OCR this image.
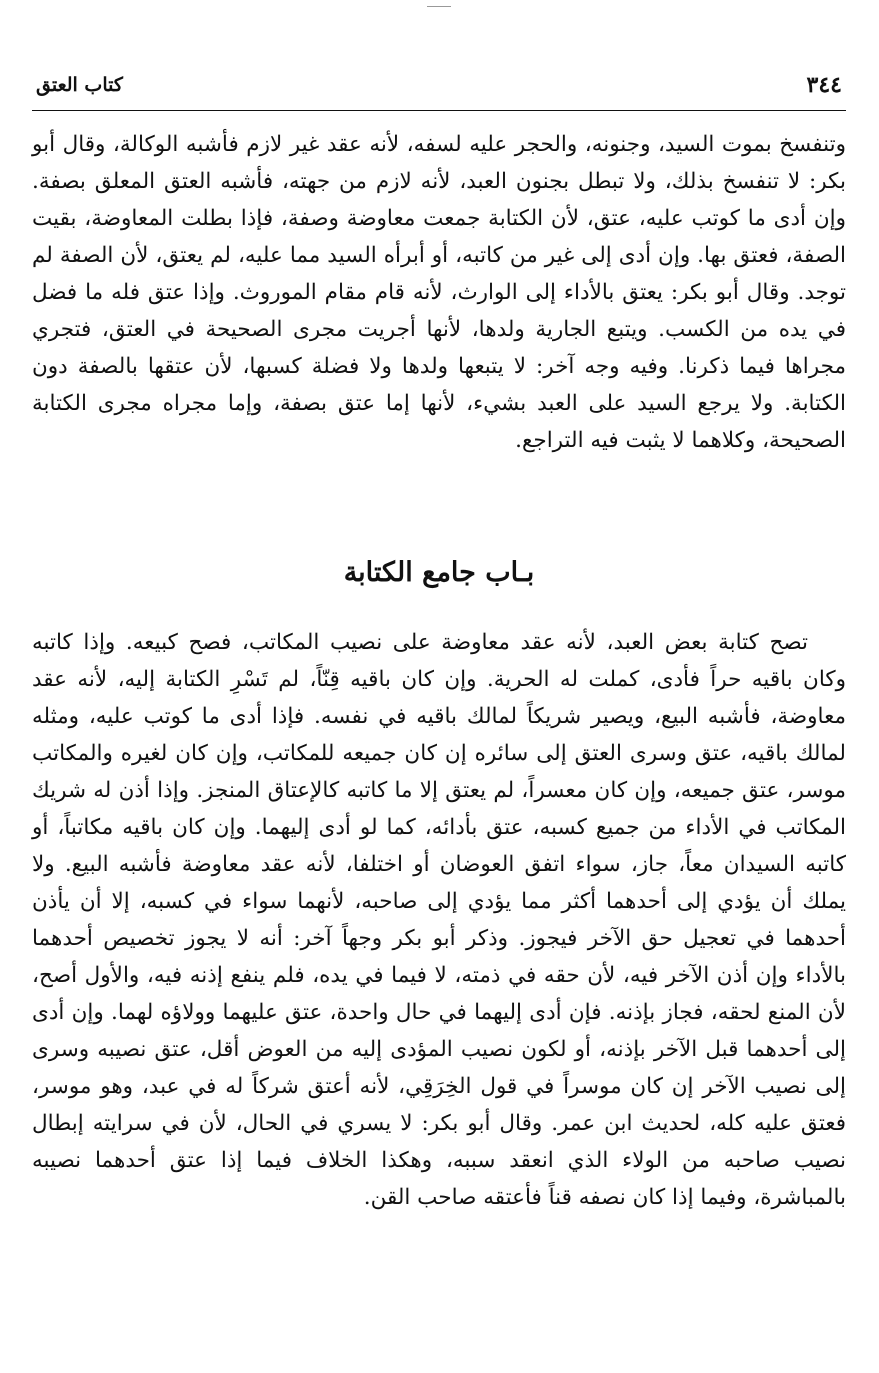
٣٤٤
كتاب العتق

وتنفسخ بموت السيد، وجنونه، والحجر عليه لسفه، لأنه عقد غير لازم فأشبه الوكالة، وقال أبو بكر: لا تنفسخ بذلك، ولا تبطل بجنون العبد، لأنه لازم من جهته، فأشبه العتق المعلق بصفة. وإن أدى ما كوتب عليه، عتق، لأن الكتابة جمعت معاوضة وصفة، فإذا بطلت المعاوضة، بقيت الصفة، فعتق بها. وإن أدى إلى غير من كاتبه، أو أبرأه السيد مما عليه، لم يعتق، لأن الصفة لم توجد. وقال أبو بكر: يعتق بالأداء إلى الوارث، لأنه قام مقام الموروث. وإذا عتق فله ما فضل في يده من الكسب. ويتبع الجارية ولدها، لأنها أجريت مجرى الصحيحة في العتق، فتجري مجراها فيما ذكرنا. وفيه وجه آخر: لا يتبعها ولدها ولا فضلة كسبها، لأن عتقها بالصفة دون الكتابة. ولا يرجع السيد على العبد بشيء، لأنها إما عتق بصفة، وإما مجراه مجرى الكتابة الصحيحة، وكلاهما لا يثبت فيه التراجع.

بـاب جامع الكتابة

تصح كتابة بعض العبد، لأنه عقد معاوضة على نصيب المكاتب، فصح كبيعه. وإذا كاتبه وكان باقيه حراً فأدى، كملت له الحرية. وإن كان باقيه قِنّاً، لم تَسْرِ الكتابة إليه، لأنه عقد معاوضة، فأشبه البيع، ويصير شريكاً لمالك باقيه في نفسه. فإذا أدى ما كوتب عليه، ومثله لمالك باقيه، عتق وسرى العتق إلى سائره إن كان جميعه للمكاتب، وإن كان لغيره والمكاتب موسر، عتق جميعه، وإن كان معسراً، لم يعتق إلا ما كاتبه كالإعتاق المنجز. وإذا أذن له شريك المكاتب في الأداء من جميع كسبه، عتق بأدائه، كما لو أدى إليهما. وإن كان باقيه مكاتباً، أو كاتبه السيدان معاً، جاز، سواء اتفق العوضان أو اختلفا، لأنه عقد معاوضة فأشبه البيع. ولا يملك أن يؤدي إلى أحدهما أكثر مما يؤدي إلى صاحبه، لأنهما سواء في كسبه، إلا أن يأذن أحدهما في تعجيل حق الآخر فيجوز. وذكر أبو بكر وجهاً آخر: أنه لا يجوز تخصيص أحدهما بالأداء وإن أذن الآخر فيه، لأن حقه في ذمته، لا فيما في يده، فلم ينفع إذنه فيه، والأول أصح، لأن المنع لحقه، فجاز بإذنه. فإن أدى إليهما في حال واحدة، عتق عليهما وولاؤه لهما. وإن أدى إلى أحدهما قبل الآخر بإذنه، أو لكون نصيب المؤدى إليه من العوض أقل، عتق نصيبه وسرى إلى نصيب الآخر إن كان موسراً في قول الخِرَقِي، لأنه أعتق شركاً له في عبد، وهو موسر، فعتق عليه كله، لحديث ابن عمر. وقال أبو بكر: لا يسري في الحال، لأن في سرايته إبطال نصيب صاحبه من الولاء الذي انعقد سببه، وهكذا الخلاف فيما إذا عتق أحدهما نصيبه بالمباشرة، وفيما إذا كان نصفه قناً فأعتقه صاحب القن.
